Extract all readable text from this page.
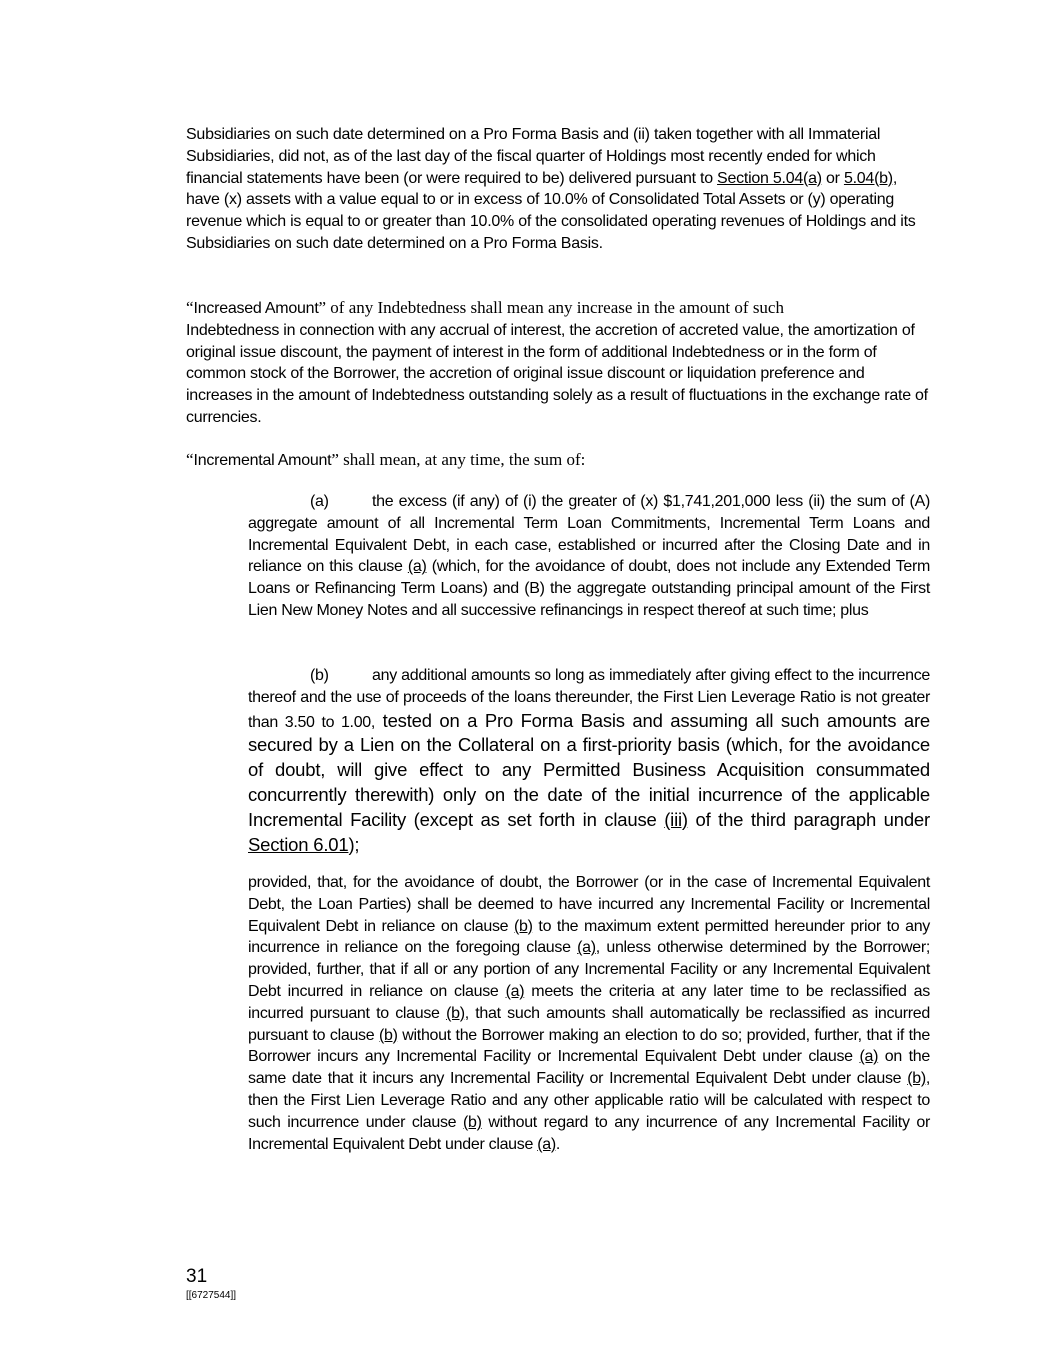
Subsidiaries on such date determined on a Pro Forma Basis and (ii) taken together with all Immaterial Subsidiaries, did not, as of the last day of the fiscal quarter of Holdings most recently ended for which financial statements have been (or were required to be) delivered pursuant to Section 5.04(a) or 5.04(b), have (x) assets with a value equal to or in excess of 10.0% of Consolidated Total Assets or (y) operating revenue which is equal to or greater than 10.0% of the consolidated operating revenues of Holdings and its Subsidiaries on such date determined on a Pro Forma Basis.
“Increased Amount” of any Indebtedness shall mean any increase in the amount of such
Indebtedness in connection with any accrual of interest, the accretion of accreted value, the amortization of original issue discount, the payment of interest in the form of additional Indebtedness or in the form of common stock of the Borrower, the accretion of original issue discount or liquidation preference and increases in the amount of Indebtedness outstanding solely as a result of fluctuations in the exchange rate of currencies.
“Incremental Amount” shall mean, at any time, the sum of:
(a)	the excess (if any) of (i) the greater of (x) $1,741,201,000 less (ii) the sum of (A) aggregate amount of all Incremental Term Loan Commitments, Incremental Term Loans and Incremental Equivalent Debt, in each case, established or incurred after the Closing Date and in reliance on this clause (a) (which, for the avoidance of doubt, does not include any Extended Term Loans or Refinancing Term Loans) and (B) the aggregate outstanding principal amount of the First Lien New Money Notes and all successive refinancings in respect thereof at such time; plus
(b)	any additional amounts so long as immediately after giving effect to the incurrence thereof and the use of proceeds of the loans thereunder, the First Lien Leverage Ratio is not greater than 3.50 to 1.00, tested on a Pro Forma Basis and assuming all such amounts are secured by a Lien on the Collateral on a first-priority basis (which, for the avoidance of doubt, will give effect to any Permitted Business Acquisition consummated concurrently therewith) only on the date of the initial incurrence of the applicable Incremental Facility (except as set forth in clause (iii) of the third paragraph under Section 6.01);
provided, that, for the avoidance of doubt, the Borrower (or in the case of Incremental Equivalent Debt, the Loan Parties) shall be deemed to have incurred any Incremental Facility or Incremental Equivalent Debt in reliance on clause (b) to the maximum extent permitted hereunder prior to any incurrence in reliance on the foregoing clause (a), unless otherwise determined by the Borrower; provided, further, that if all or any portion of any Incremental Facility or any Incremental Equivalent Debt incurred in reliance on clause (a) meets the criteria at any later time to be reclassified as incurred pursuant to clause (b), that such amounts shall automatically be reclassified as incurred pursuant to clause (b) without the Borrower making an election to do so; provided, further, that if the Borrower incurs any Incremental Facility or Incremental Equivalent Debt under clause (a) on the same date that it incurs any Incremental Facility or Incremental Equivalent Debt under clause (b), then the First Lien Leverage Ratio and any other applicable ratio will be calculated with respect to such incurrence under clause (b) without regard to any incurrence of any Incremental Facility or Incremental Equivalent Debt under clause (a).
31
[[6727544]]
